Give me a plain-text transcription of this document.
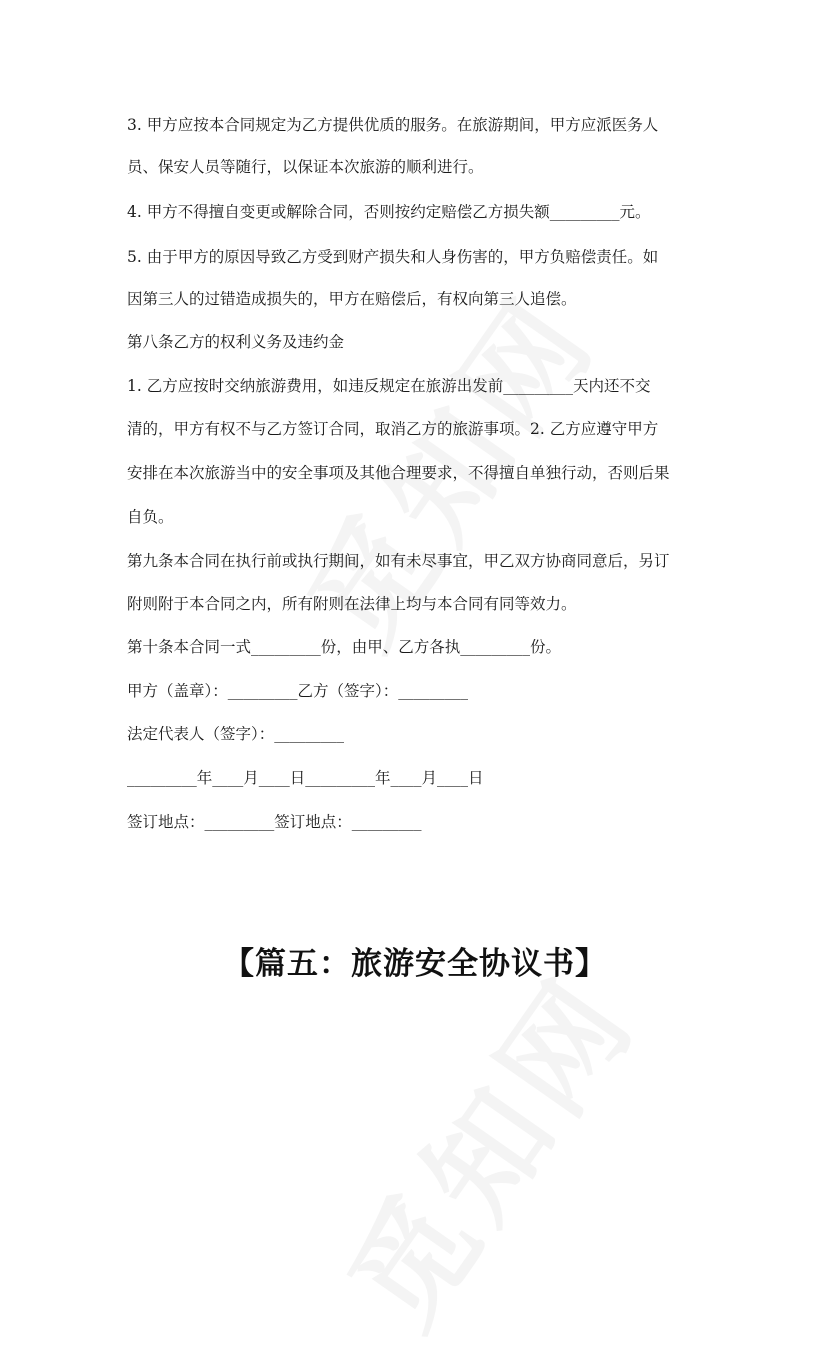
3. 甲方应按本合同规定为乙方提供优质的服务。在旅游期间，甲方应派医务人
员、保安人员等随行，以保证本次旅游的顺利进行。
4. 甲方不得擅自变更或解除合同，否则按约定赔偿乙方损失额_________元。
5. 由于甲方的原因导致乙方受到财产损失和人身伤害的，甲方负赔偿责任。如
因第三人的过错造成损失的，甲方在赔偿后，有权向第三人追偿。
第八条乙方的权利义务及违约金
1. 乙方应按时交纳旅游费用，如违反规定在旅游出发前_________天内还不交
清的，甲方有权不与乙方签订合同，取消乙方的旅游事项。2. 乙方应遵守甲方
安排在本次旅游当中的安全事项及其他合理要求，不得擅自单独行动，否则后果
自负。
第九条本合同在执行前或执行期间，如有未尽事宜，甲乙双方协商同意后，另订
附则附于本合同之内，所有附则在法律上均与本合同有同等效力。
第十条本合同一式_________份，由甲、乙方各执_________份。
甲方（盖章）：_________乙方（签字）：_________
法定代表人（签字）：_________
_________年____月____日_________年____月____日
签订地点：_________签订地点：_________
【篇五：旅游安全协议书】
